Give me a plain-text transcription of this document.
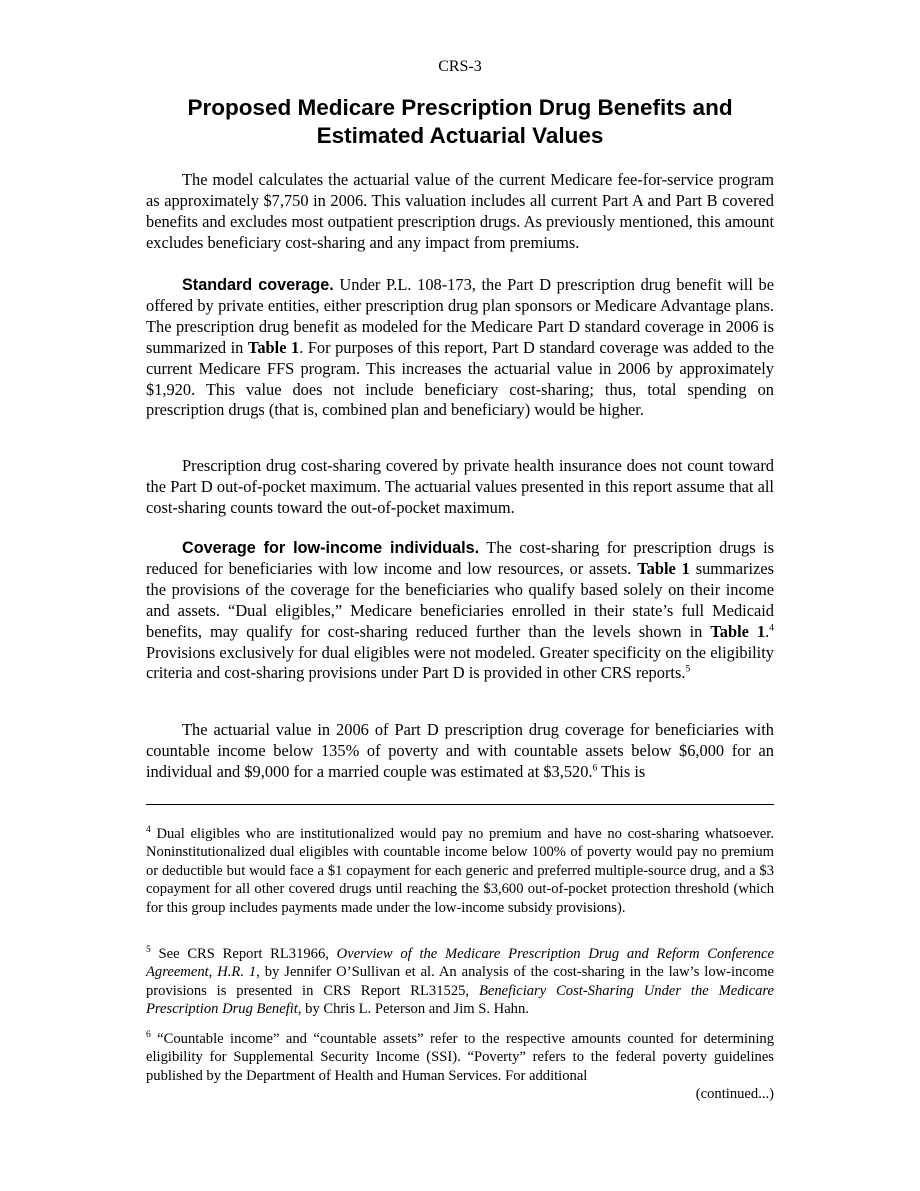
CRS-3
Proposed Medicare Prescription Drug Benefits and
Estimated Actuarial Values

The model calculates the actuarial value of the current Medicare fee-for-service program as approximately $7,750 in 2006. This valuation includes all current Part A and Part B covered benefits and excludes most outpatient prescription drugs. As previously mentioned, this amount excludes beneficiary cost-sharing and any impact from premiums.

Standard coverage. Under P.L. 108-173, the Part D prescription drug benefit will be offered by private entities, either prescription drug plan sponsors or Medicare Advantage plans. The prescription drug benefit as modeled for the Medicare Part D standard coverage in 2006 is summarized in Table 1. For purposes of this report, Part D standard coverage was added to the current Medicare FFS program. This increases the actuarial value in 2006 by approximately $1,920. This value does not include beneficiary cost-sharing; thus, total spending on prescription drugs (that is, combined plan and beneficiary) would be higher.

Prescription drug cost-sharing covered by private health insurance does not count toward the Part D out-of-pocket maximum. The actuarial values presented in this report assume that all cost-sharing counts toward the out-of-pocket maximum.

Coverage for low-income individuals. The cost-sharing for prescription drugs is reduced for beneficiaries with low income and low resources, or assets. Table 1 summarizes the provisions of the coverage for the beneficiaries who qualify based solely on their income and assets. “Dual eligibles,” Medicare beneficiaries enrolled in their state’s full Medicaid benefits, may qualify for cost-sharing reduced further than the levels shown in Table 1.$^4$ Provisions exclusively for dual eligibles were not modeled. Greater specificity on the eligibility criteria and cost-sharing provisions under Part D is provided in other CRS reports.$^5$

The actuarial value in 2006 of Part D prescription drug coverage for beneficiaries with countable income below 135% of poverty and with countable assets below $6,000 for an individual and $9,000 for a married couple was estimated at $3,520.$^6$ This is

$^4$ Dual eligibles who are institutionalized would pay no premium and have no cost-sharing whatsoever. Noninstitutionalized dual eligibles with countable income below 100% of poverty would pay no premium or deductible but would face a $1 copayment for each generic and preferred multiple-source drug, and a $3 copayment for all other covered drugs until reaching the $3,600 out-of-pocket protection threshold (which for this group includes payments made under the low-income subsidy provisions).

$^5$ See CRS Report RL31966, Overview of the Medicare Prescription Drug and Reform Conference Agreement, H.R. 1, by Jennifer O’Sullivan et al. An analysis of the cost-sharing in the law’s low-income provisions is presented in CRS Report RL31525, Beneficiary Cost-Sharing Under the Medicare Prescription Drug Benefit, by Chris L. Peterson and Jim S. Hahn.

$^6$ “Countable income” and “countable assets” refer to the respective amounts counted for determining eligibility for Supplemental Security Income (SSI). “Poverty” refers to the federal poverty guidelines published by the Department of Health and Human Services. For additional
(continued...)
